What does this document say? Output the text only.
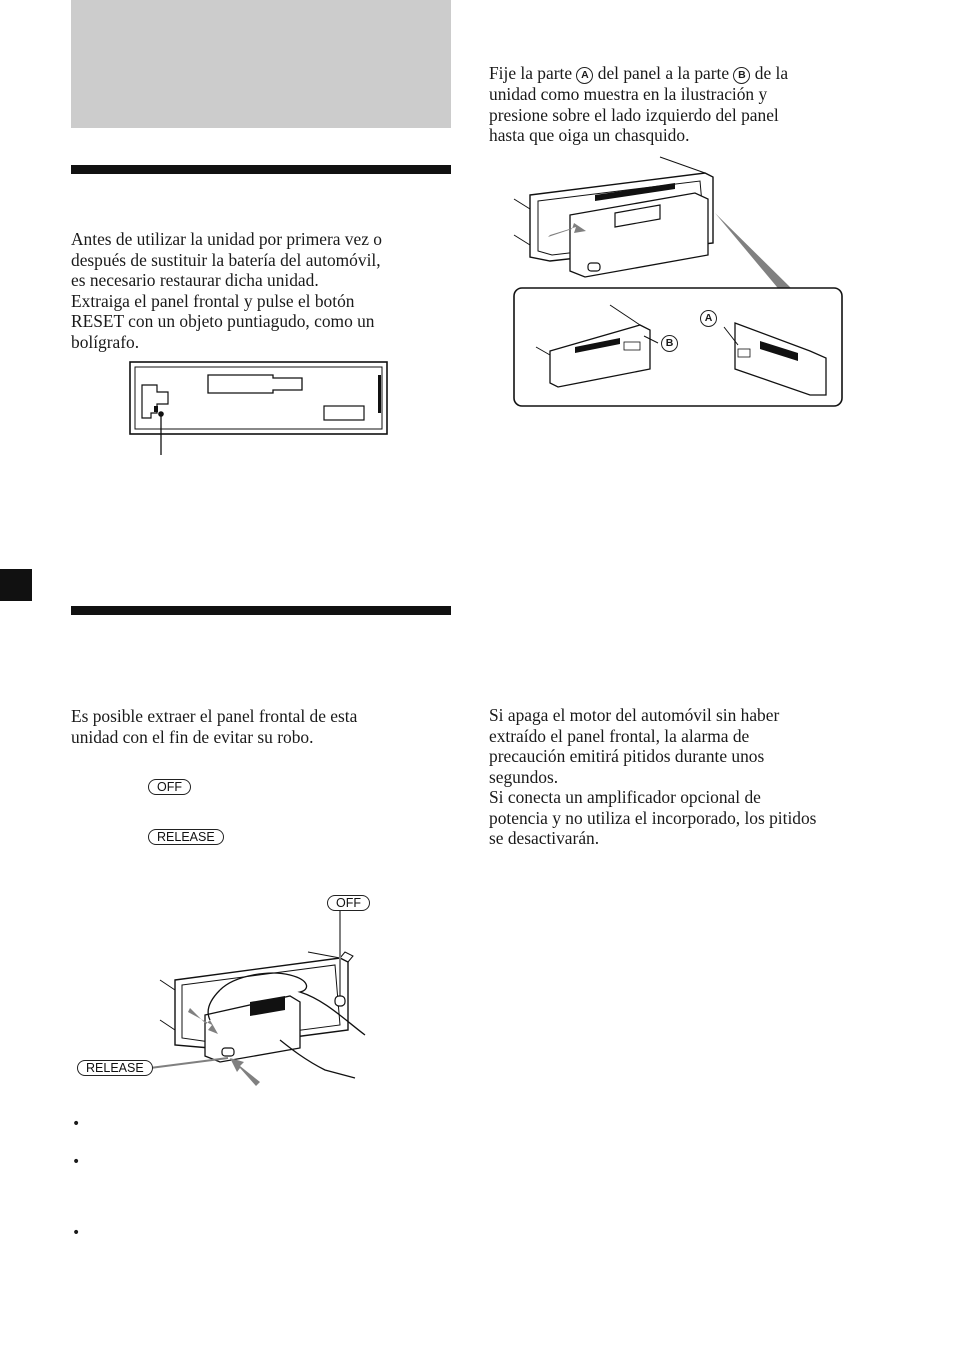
Antes de utilizar la unidad por primera vez o

después de sustituir la batería del automóvil,

es necesario restaurar dicha unidad.

Extraiga el panel frontal y pulse el botón

RESET con un objeto puntiagudo, como un

bolígrafo.

Es posible extraer el panel frontal de esta

unidad con el fin de evitar su robo.

OFF
RELEASE
OFF
RELEASE
•
•
•

Fije la parte A del panel a la parte B de la

unidad como muestra en la ilustración y

presione sobre el lado izquierdo del panel

hasta que oiga un chasquido.

A
B

Si apaga el motor del automóvil sin haber

extraído el panel frontal, la alarma de

precaución emitirá pitidos durante unos

segundos.

Si conecta un amplificador opcional de

potencia y no utiliza el incorporado, los pitidos

se desactivarán.
